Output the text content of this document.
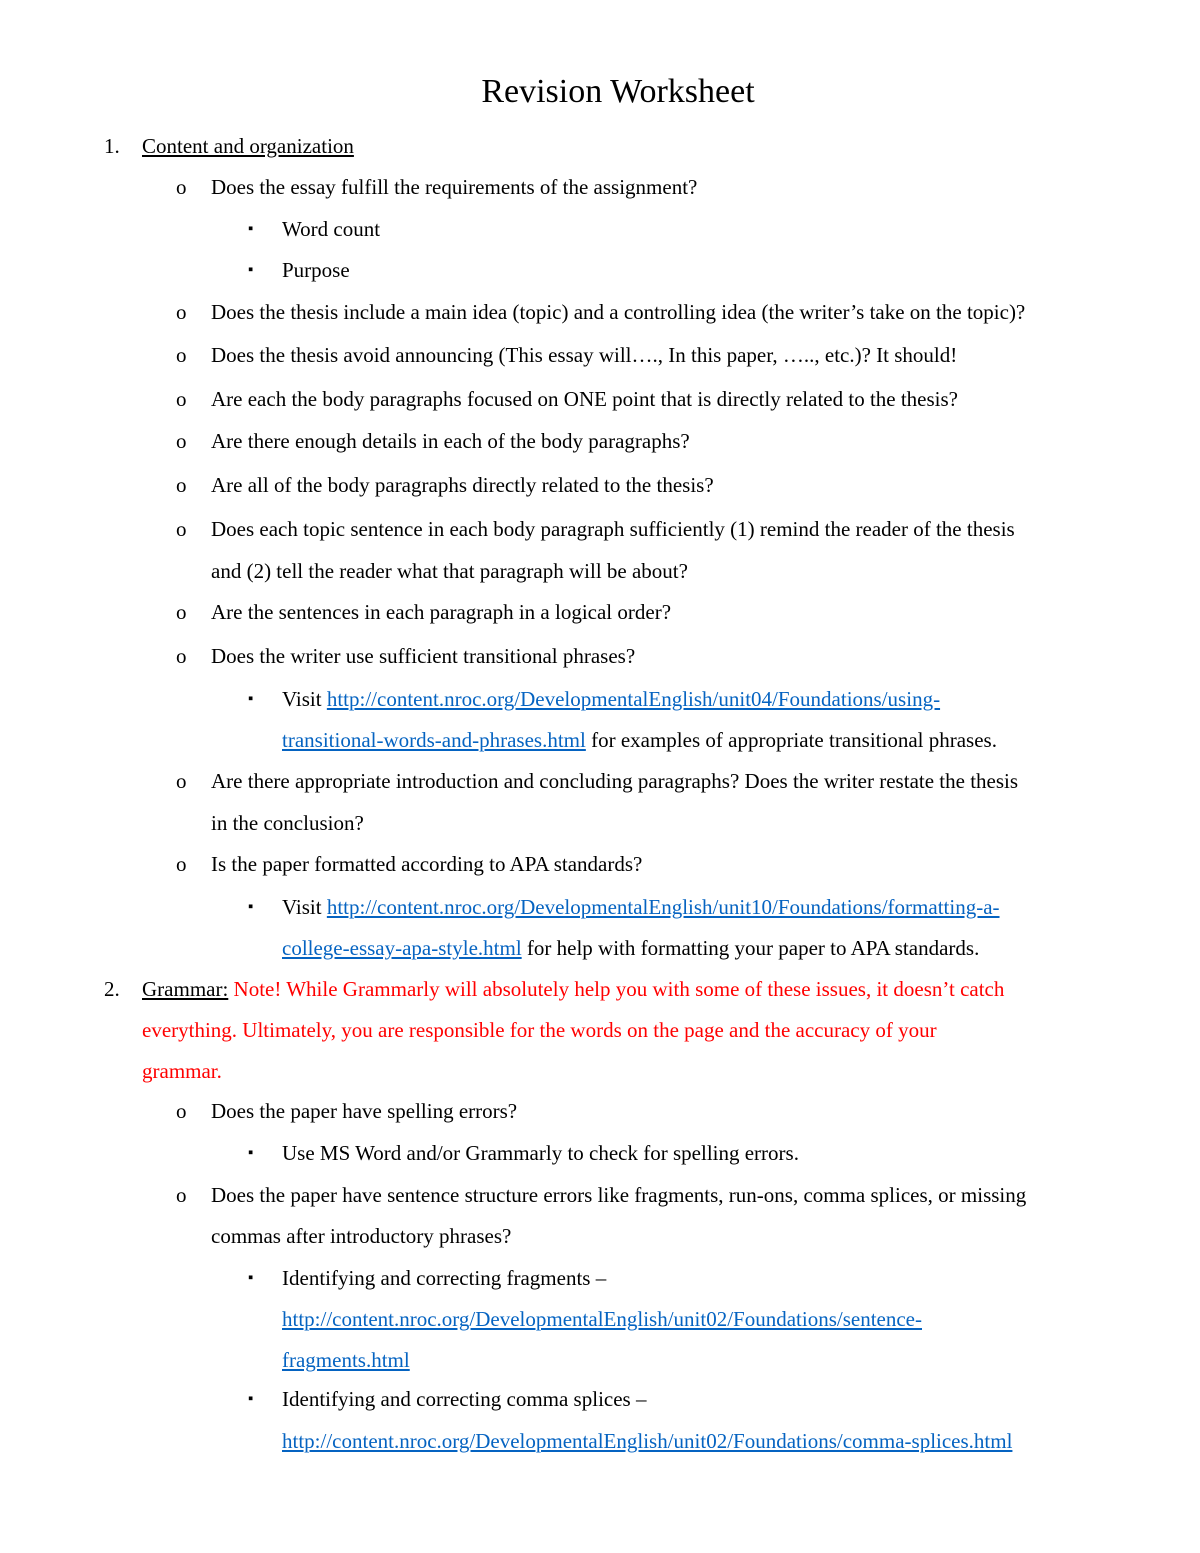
Revision Worksheet
1. Content and organization
o Does the essay fulfill the requirements of the assignment?
▪ Word count
▪ Purpose
o Does the thesis include a main idea (topic) and a controlling idea (the writer’s take on the topic)?
o Does the thesis avoid announcing (This essay will…., In this paper, ….., etc.)? It should!
o Are each the body paragraphs focused on ONE point that is directly related to the thesis?
o Are there enough details in each of the body paragraphs?
o Are all of the body paragraphs directly related to the thesis?
o Does each topic sentence in each body paragraph sufficiently (1) remind the reader of the thesis
and (2) tell the reader what that paragraph will be about?
o Are the sentences in each paragraph in a logical order?
o Does the writer use sufficient transitional phrases?
▪ Visit http://content.nroc.org/DevelopmentalEnglish/unit04/Foundations/using-
transitional-words-and-phrases.html for examples of appropriate transitional phrases.
o Are there appropriate introduction and concluding paragraphs? Does the writer restate the thesis
in the conclusion?
o Is the paper formatted according to APA standards?
▪ Visit http://content.nroc.org/DevelopmentalEnglish/unit10/Foundations/formatting-a-
college-essay-apa-style.html for help with formatting your paper to APA standards.
2. Grammar: Note! While Grammarly will absolutely help you with some of these issues, it doesn’t catch
everything. Ultimately, you are responsible for the words on the page and the accuracy of your
grammar.
o Does the paper have spelling errors?
▪ Use MS Word and/or Grammarly to check for spelling errors.
o Does the paper have sentence structure errors like fragments, run-ons, comma splices, or missing
commas after introductory phrases?
▪ Identifying and correcting fragments –
http://content.nroc.org/DevelopmentalEnglish/unit02/Foundations/sentence-
fragments.html
▪ Identifying and correcting comma splices –
http://content.nroc.org/DevelopmentalEnglish/unit02/Foundations/comma-splices.html
